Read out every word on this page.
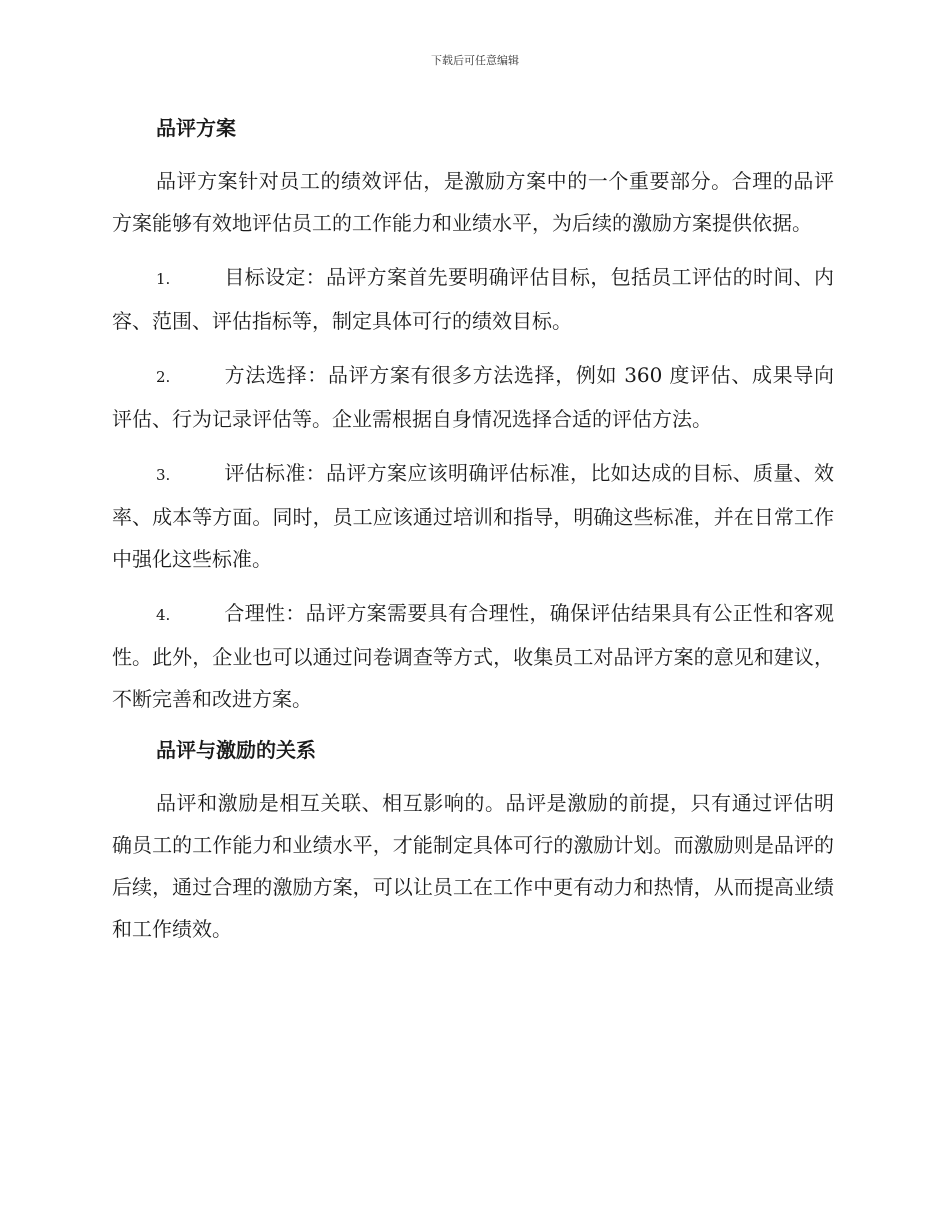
下载后可任意编辑
品评方案

品评方案针对员工的绩效评估，是激励方案中的一个重要部分。合理的品评方案能够有效地评估员工的工作能力和业绩水平，为后续的激励方案提供依据。

1.	目标设定：品评方案首先要明确评估目标，包括员工评估的时间、内容、范围、评估指标等，制定具体可行的绩效目标。

2.	方法选择：品评方案有很多方法选择，例如 360 度评估、成果导向评估、行为记录评估等。企业需根据自身情况选择合适的评估方法。

3.	评估标准：品评方案应该明确评估标准，比如达成的目标、质量、效率、成本等方面。同时，员工应该通过培训和指导，明确这些标准，并在日常工作中强化这些标准。

4.	合理性：品评方案需要具有合理性，确保评估结果具有公正性和客观性。此外，企业也可以通过问卷调查等方式，收集员工对品评方案的意见和建议，不断完善和改进方案。

品评与激励的关系

品评和激励是相互关联、相互影响的。品评是激励的前提，只有通过评估明确员工的工作能力和业绩水平，才能制定具体可行的激励计划。而激励则是品评的后续，通过合理的激励方案，可以让员工在工作中更有动力和热情，从而提高业绩和工作绩效。
